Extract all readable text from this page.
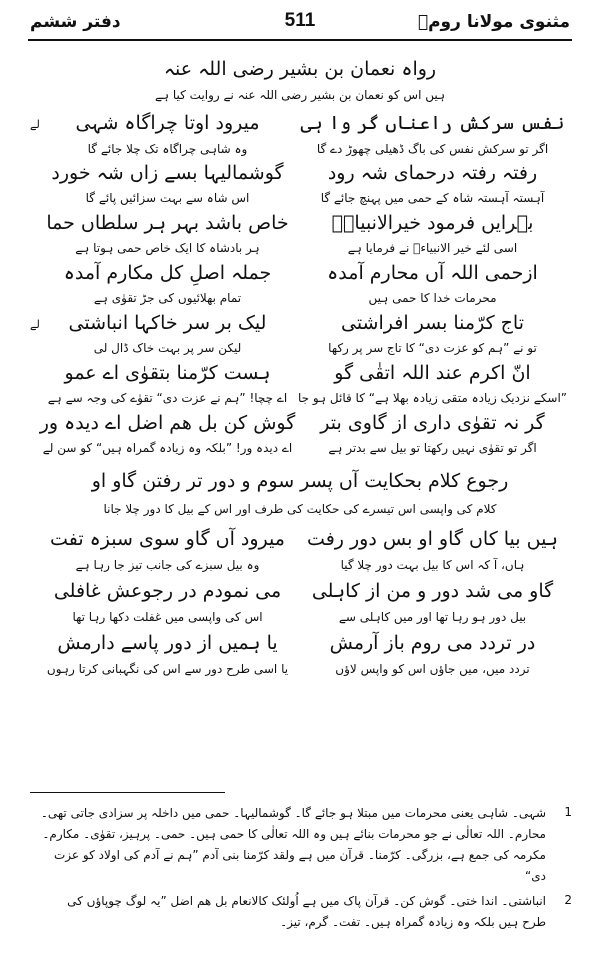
مثنوی مولانا رومؒ
511
دفتر ششم
رواہ نعمان بن بشیر رضی اللہ عنہ
ہیں اس کو نعمان بن بشیر رضی اللہ عنہ نے روایت کیا ہے
نفس سرکش راعناں گر وا ہی
میرود اوتا چراگاہ شہی
لے
اگر تو سرکش نفس کی باگ ڈھیلی چھوڑ دے گا
وہ شاہی چراگاہ تک چلا جائے گا
رفتہ رفتہ درحمای شہ رود
گوشمالیہا بسے زاں شہ خورد
آہستہ آہستہ شاہ کے حمی میں پہنچ جائے گا
اس شاہ سے بہت سزائیں پائے گا
بہرایں فرمود خیرالانبیاءؐ
خاص باشد بہر ہر سلطاں حما
اسی لئے خیر الانبیاءؐ نے فرمایا ہے
ہر بادشاہ کا ایک خاص حمی ہوتا ہے
ازحمی اللہ آں محارم آمدہ
جملہ اصلِ کل مکارم آمدہ
محرمات خدا کا حمی ہیں
تمام بھلائیوں کی جڑ تقوٰی ہے
تاج کرّمنا بسر افراشتی
لیک بر سر خاکہا انباشتی
لے
تو نے ”ہم کو عزت دی“ کا تاج سر پر رکھا
لیکن سر پر بہت خاک ڈال لی
انّ اکرم عند اللہ اتقٰی گو
ہست کرّمنا بتقوٰی اے عمو
”اسکے نزدیک زیادہ متقی زیادہ بھلا ہے“ کا قائل ہو جا
اے چچا! ”ہم نے عزت دی“ تقوٰے کی وجہ سے ہے
گر نہ تقوٰی داری از گاوی بتر
گوش کن بل ھم اضل اے دیدہ ور
اگر تو تقوٰی نہیں رکھتا تو بیل سے بدتر ہے
اے دیدہ ور! ”بلکہ وہ زیادہ گمراہ ہیں“ کو سن لے
رجوع کلام بحکایت آں پسر سوم و دور تر رفتن گاو او
کلام کی واپسی اس تیسرے کی حکایت کی طرف اور اس کے بیل کا دور چلا جانا
ہیں بیا کاں گاو او بس دور رفت
میرود آں گاو سوی سبزہ تفت
ہاں، آ کہ اس کا بیل بہت دور چلا گیا
وہ بیل سبزے کی جانب تیز جا رہا ہے
گاو می شد دور و من از کاہلی
می نمودم در رجوعش غافلی
بیل دور ہو رہا تھا اور میں کاہلی سے
اس کی واپسی میں غفلت دکھا رہا تھا
در تردد می روم باز آرمش
یا ہمیں از دور پاسے دارمش
تردد میں، میں جاؤں اس کو واپس لاؤں
یا اسی طرح دور سے اس کی نگہبانی کرتا رہوں
1
شہی۔ شاہی یعنی محرمات میں مبتلا ہو جائے گا۔ گوشمالیہا۔ حمی میں داخلہ پر سزادی جاتی تھی۔ محارم۔ اللہ تعالٰی نے جو محرمات بنائے ہیں وہ اللہ تعالٰی کا حمی ہیں۔ حمی۔ پرہیز، تقوٰی۔ مکارم۔ مکرمہ کی جمع ہے، بزرگی۔ کرّمنا۔ قرآن میں ہے ولقد کرّمنا بنی آدم ”ہم نے آدم کی اولاد کو عزت دی“
2
انباشتی۔ اندا ختی۔ گوش کن۔ قرآن پاک میں ہے اُولئک کالانعام بل ھم اضل ”یہ لوگ چوپاؤں کی طرح ہیں بلکہ وہ زیادہ گمراہ ہیں۔ تفت۔ گرم، تیز۔
